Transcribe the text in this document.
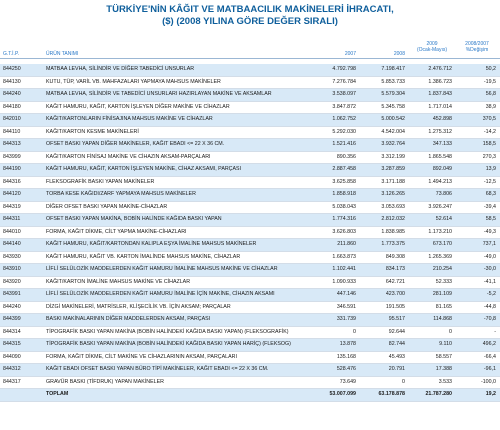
TÜRKİYE'NİN KÂĞIT VE MATBAACILIK MAKİNELERİ İHRACATI,
($) (2008 YILINA GÖRE DEĞER SIRALI)
G.T.İ.P.	ÜRÜN TANIMI	2007	2008
2009
(Ocak-Mayıs)
2008/2007
%Değişim
844250	MATBAA LEVHA, SİLİNDİR VE DİĞER TABEDİCİ UNSURLAR	4.792.798	7.198.417	2.476.712	50,2
844130	KUTU, TÜP, VARİL VB. MAHFAZALARI YAPMAYA MAHSUS MAKİNELER	7.276.784	5.853.733	1.386.723	-19,5
844240	MATBAA LEVHA, SİLİNDİR VE TABEDİCİ UNSURLARI HAZIRLAYAN MAKİNE VE AKSAMLAR	3.538.097	5.579.304	1.837.843	56,8
844180	KAĞIT HAMURU, KAĞIT, KARTON İŞLEYEN DİĞER MAKİNE VE CİHAZLAR	3.847.872	5.345.758	1.717.014	38,9
842010	KAĞIT/KARTONLARIN FİNİSAJINA MAHSUS MAKİNE VE CİHAZLAR	1.062.752	5.000.542	452.898	370,5
844110	KAĞIT/KARTON KESME MAKİNELERİ	5.292.030	4.542.004	1.275.312	-14,2
844313	OFSET BASKI YAPAN DİĞER MAKİNELER, KAĞIT EBADI <= 22 X 36 CM.	1.521.416	3.932.764	347.133	158,5
843999	KAĞIT/KARTON FİNİSAJ MAKİNE VE CİHAZIN AKSAM-PARÇALARI	890.356	3.312.199	1.865.548	270,3
844190	KAĞIT HAMURU, KAĞIT, KARTON İŞLEYEN MAKİNE, CİHAZ AKSAMI, PARÇASI	2.887.458	3.287.859	892.049	13,9
844316	FLEKSOGRAFİK BASKI YAPAN MAKİNELER	3.625.858	3.171.188	1.494.213	-12,5
844120	TORBA KESE KAĞIDI/ZARF YAPMAYA MAHSUS MAKİNELER	1.858.918	3.126.265	73.806	68,3
844319	DİĞER OFSET BASKI YAPAN MAKİNE-CİHAZLAR	5.038.043	3.053.693	3.926.247	-39,4
844311	OFSET BASKI YAPAN MAKİNA, BOBİN HALİNDE KAĞIDA BASKI YAPAN	1.774.316	2.812.032	52.614	58,5
844010	FORMA, KAĞIT DİKME, CİLT YAPMA MAKİNE-CİHAZLARI	3.626.803	1.838.985	1.173.210	-49,3
844140	KAĞIT HAMURU, KAĞIT/KARTONDAN KALIPLA EŞYA İMALİNE MAHSUS MAKİNELER	211.860	1.773.375	673.170	737,1
843930	KAĞIT HAMURU, KAĞIT VB. KARTON İMALİNDE MAHSUS MAKİNE, CİHAZLAR	1.663.873	849.308	1.265.369	-49,0
843910	LİFLİ SELÜLOZİK MADDELERDEN KAĞIT HAMURU İMALİNE MAHSUS MAKİNE VE CİHAZLAR	1.102.441	834.173	210.254	-30,0
843920	KAĞIT/KARTON İMALİNE MAHSUS MAKİNE VE CİHAZLAR	1.090.933	642.721	52.333	-41,1
843991	LİFLİ SELÜLOZİK MADDELERDEN KAĞIT HAMURU İMALİNE İÇİN MAKİNE, CİHAZIN AKSAMI	447.146	423.700	281.109	-5,2
844240	DİZGİ MAKİNELERİ, MATRİSLER, KLİŞECİLİK VB. İÇİN AKSAM; PARÇALAR	346.591	191.505	81.165	-44,8
844399	BASKI MAKİNALARININ DİĞER MADDELERDEN AKSAM, PARÇASI	331.739	95.517	114.868	-70,8
844314	TİPOGRAFİK BASKI YAPAN MAKİNA (BOBİN HALİNDEKİ KAĞIDA BASKI YAPAN) (FLEKSOGRAFİK)	0	92.644	0	-
844315	TİPOGRAFİK BASKI YAPAN MAKİNA (BOBİN HALİNDEKİ KAĞIDA BASKI YAPAN HARİÇ) (FLEKSOG)	13.878	82.744	9.110	496,2
844090	FORMA, KAĞIT DİKME, CİLT MAKİNE VE CİHAZLARININ AKSAM, PARÇALARI	135.168	45.493	58.557	-66,4
844312	KAĞIT EBADI OFSET BASKI YAPAN BÜRO TİPİ MAKİNELER, KAĞIT EBADI <= 22 X 36 CM.	528.476	20.791	17.388	-96,1
844317	GRAVÜR BASKI (TİFDRUK) YAPAN MAKİNELER	73.649	0	3.533	-100,0
TOPLAM	53.007.099	63.178.878	21.787.280	19,2
